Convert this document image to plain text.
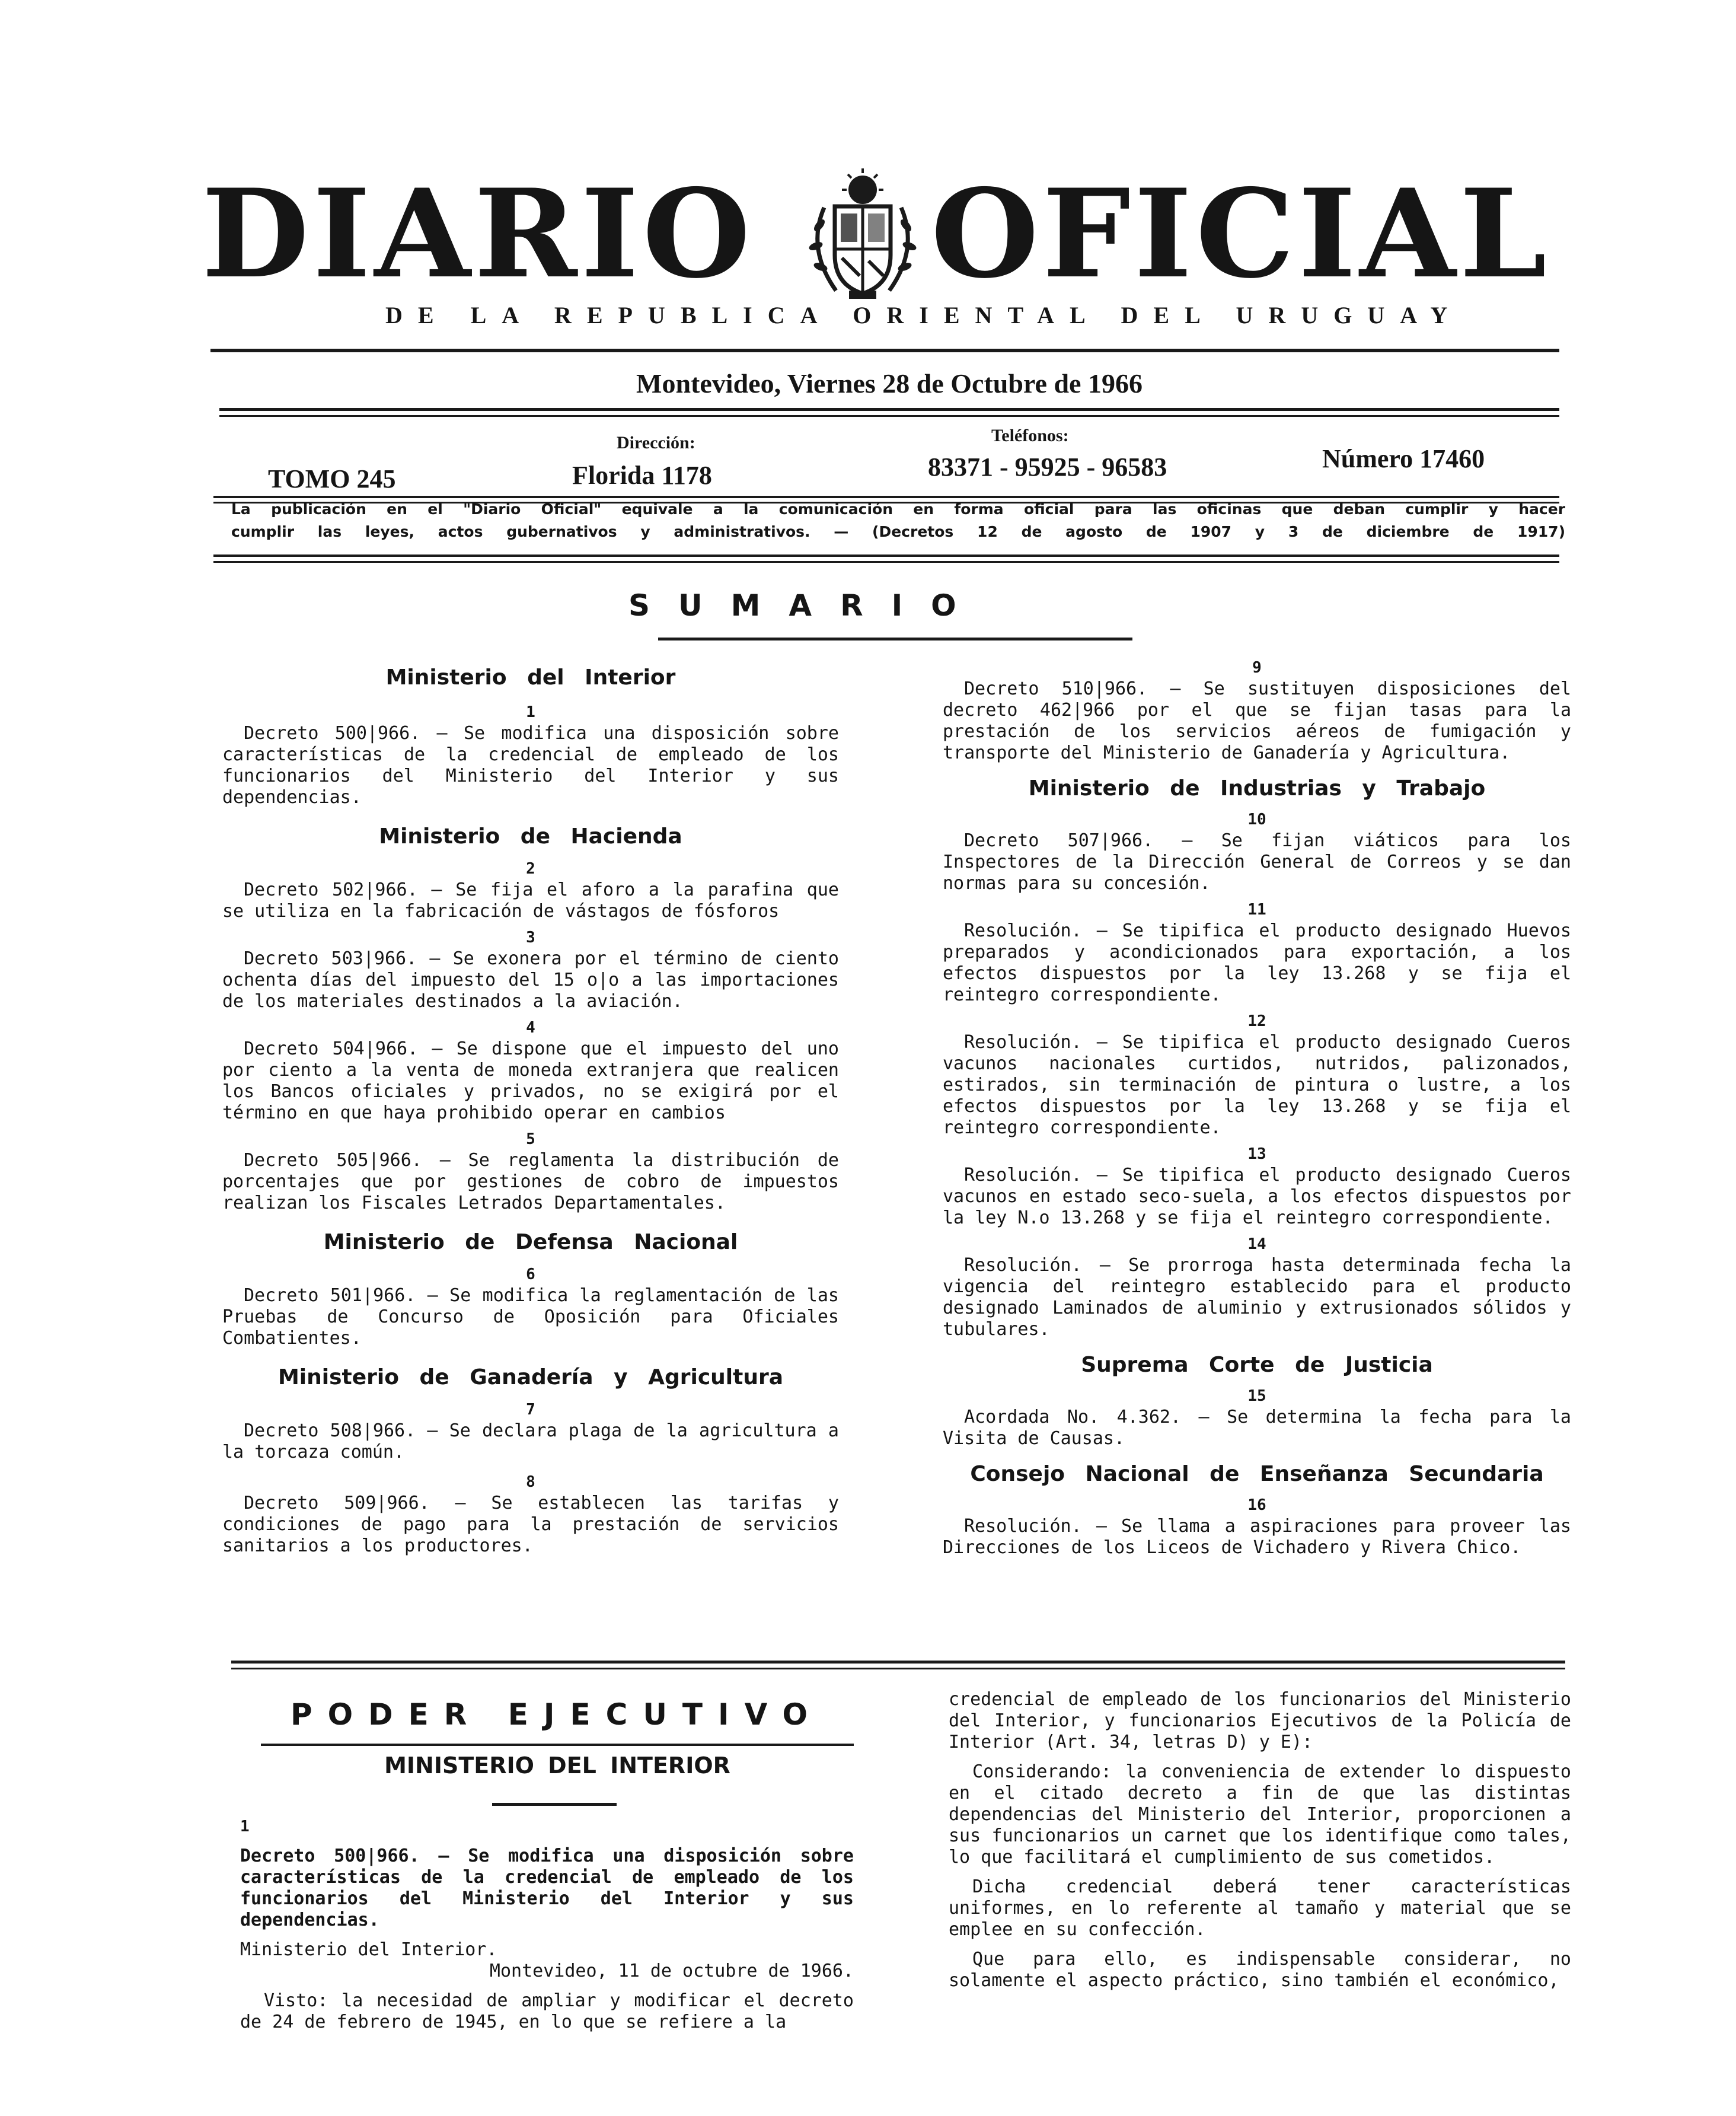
DIARIO OFICIAL
DE LA REPUBLICA ORIENTAL DEL URUGUAY
Montevideo, Viernes 28 de Octubre de 1966
TOMO 245
Dirección:
Florida 1178
Teléfonos:
83371 - 95925 - 96583	Número 17460
La publicación en el "Diario Oficial" equivale a la comunicación en forma oficial para las oficinas que deban cumplir y hacer
cumplir las leyes, actos gubernativos y administrativos. — (Decretos 12 de agosto de 1907 y 3 de diciembre de 1917)
SUMARIO

Ministerio del Interior

1

Decreto 500|966. — Se modifica una disposición sobre características de la credencial de empleado de los funcionarios del Ministerio del Interior y sus dependencias.

Ministerio de Hacienda

2

Decreto 502|966. — Se fija el aforo a la parafina que se utiliza en la fabricación de vástagos de fósforos

3

Decreto 503|966. — Se exonera por el término de ciento ochenta días del impuesto del 15 o|o a las importaciones de los materiales destinados a la aviación.

4

Decreto 504|966. — Se dispone que el impuesto del uno por ciento a la venta de moneda extranjera que realicen los Bancos oficiales y privados, no se exigirá por el término en que haya prohibido operar en cambios

5

Decreto 505|966. — Se reglamenta la distribución de porcentajes que por gestiones de cobro de impuestos realizan los Fiscales Letrados Departamentales.

Ministerio de Defensa Nacional

6

Decreto 501|966. — Se modifica la reglamentación de las Pruebas de Concurso de Oposición para Oficiales Combatientes.

Ministerio de Ganadería y Agricultura

7

Decreto 508|966. — Se declara plaga de la agricultura a la torcaza común.

8

Decreto 509|966. — Se establecen las tarifas y condiciones de pago para la prestación de servicios sanitarios a los productores.

9

Decreto 510|966. — Se sustituyen disposiciones del decreto 462|966 por el que se fijan tasas para la prestación de los servicios aéreos de fumigación y transporte del Ministerio de Ganadería y Agricultura.

Ministerio de Industrias y Trabajo

10

Decreto 507|966. — Se fijan viáticos para los Inspectores de la Dirección General de Correos y se dan normas para su concesión.

11

Resolución. — Se tipifica el producto designado Huevos preparados y acondicionados para exportación, a los efectos dispuestos por la ley 13.268 y se fija el reintegro correspondiente.

12

Resolución. — Se tipifica el producto designado Cueros vacunos nacionales curtidos, nutridos, palizonados, estirados, sin terminación de pintura o lustre, a los efectos dispuestos por la ley 13.268 y se fija el reintegro correspondiente.

13

Resolución. — Se tipifica el producto designado Cueros vacunos en estado seco-suela, a los efectos dispuestos por la ley N.o 13.268 y se fija el reintegro correspondiente.

14

Resolución. — Se prorroga hasta determinada fecha la vigencia del reintegro establecido para el producto designado Laminados de aluminio y extrusionados sólidos y tubulares.

Suprema Corte de Justicia

15

Acordada No. 4.362. — Se determina la fecha para la Visita de Causas.

Consejo Nacional de Enseñanza Secundaria

16

Resolución. — Se llama a aspiraciones para proveer las Direcciones de los Liceos de Vichadero y Rivera Chico.

PODER EJECUTIVO
MINISTERIO DEL INTERIOR

1

Decreto 500|966. — Se modifica una disposición sobre características de la credencial de empleado de los funcionarios del Ministerio del Interior y sus dependencias.

Ministerio del Interior.

Montevideo, 11 de octubre de 1966.

Visto: la necesidad de ampliar y modificar el decreto de 24 de febrero de 1945, en lo que se refiere a la

credencial de empleado de los funcionarios del Ministerio del Interior, y funcionarios Ejecutivos de la Policía de Interior (Art. 34, letras D) y E):

Considerando: la conveniencia de extender lo dispuesto en el citado decreto a fin de que las distintas dependencias del Ministerio del Interior, proporcionen a sus funcionarios un carnet que los identifique como tales, lo que facilitará el cumplimiento de sus cometidos.

Dicha credencial deberá tener características uniformes, en lo referente al tamaño y material que se emplee en su confección.

Que para ello, es indispensable considerar, no solamente el aspecto práctico, sino también el económico,
